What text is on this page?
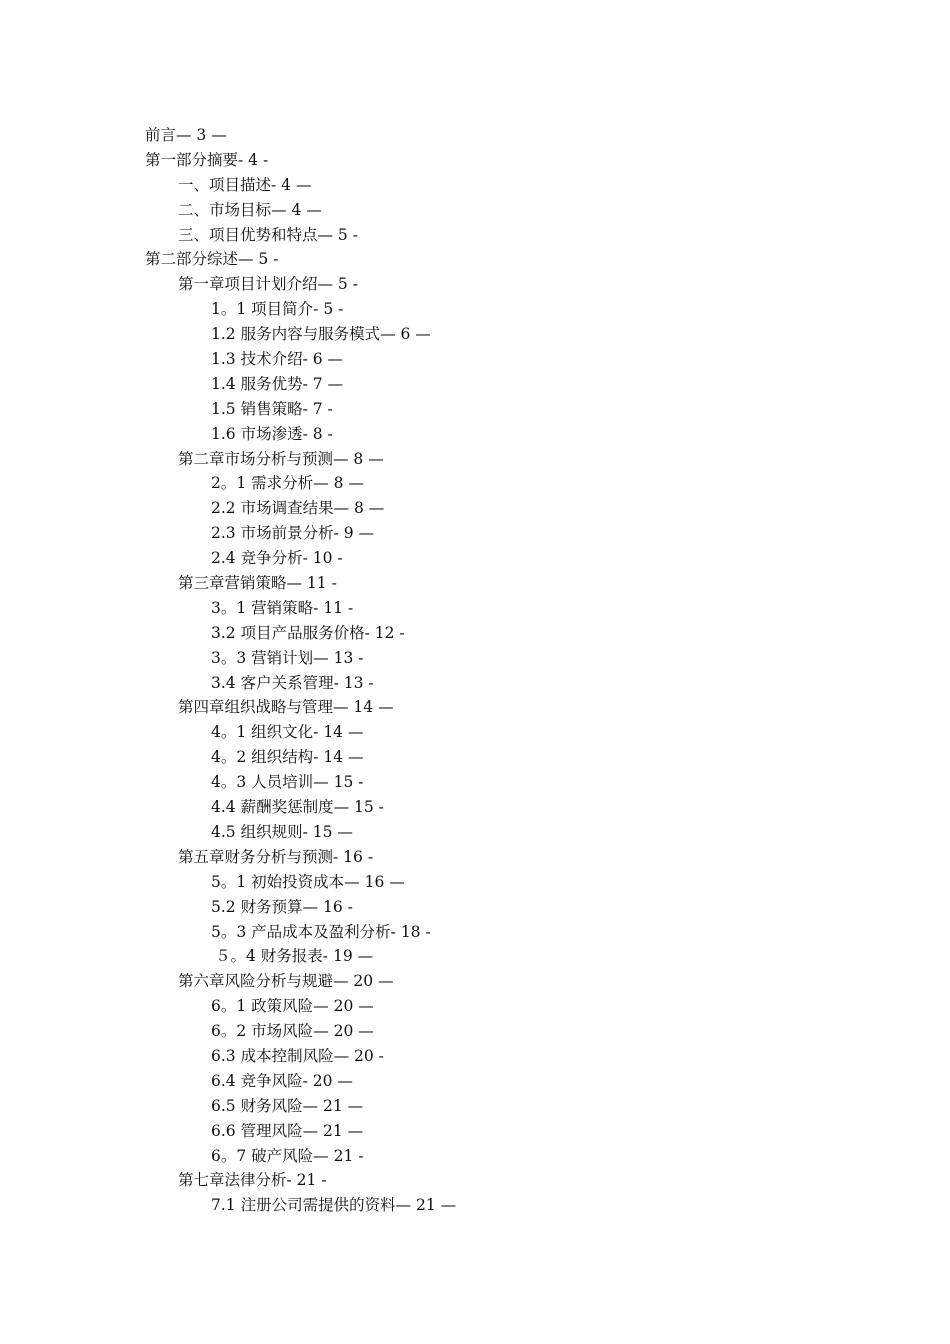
前言— 3 —
第一部分摘要- 4 -
一、项目描述- 4 —
二、市场目标— 4 —
三、项目优势和特点— 5 -
第二部分综述— 5 -
第一章项目计划介绍— 5 -
1。1 项目简介- 5 -
1.2 服务内容与服务模式— 6 —
1.3 技术介绍- 6 —
1.4 服务优势- 7 —
1.5 销售策略- 7 -
1.6 市场渗透- 8 -
第二章市场分析与预测— 8 —
2。1 需求分析— 8 —
2.2 市场调查结果— 8 —
2.3 市场前景分析- 9 —
2.4 竞争分析- 10 -
第三章营销策略— 11 -
3。1 营销策略- 11 -
3.2 项目产品服务价格- 12 -
3。3 营销计划— 13 -
3.4 客户关系管理- 13 -
第四章组织战略与管理— 14 —
4。1 组织文化- 14 —
4。2 组织结构- 14 —
4。3 人员培训— 15 -
4.4 薪酬奖惩制度— 15 -
4.5 组织规则- 15 —
第五章财务分析与预测- 16 -
5。1 初始投资成本— 16 —
5.2 财务预算— 16 -
5。3 产品成本及盈利分析- 18 -
５。4 财务报表- 19 —
第六章风险分析与规避— 20 —
6。1 政策风险— 20 —
6。2 市场风险— 20 —
6.3 成本控制风险— 20 -
6.4 竞争风险- 20 —
6.5 财务风险— 21 —
6.6 管理风险— 21 —
6。7 破产风险— 21 -
第七章法律分析- 21 -
7.1 注册公司需提供的资料— 21 —
